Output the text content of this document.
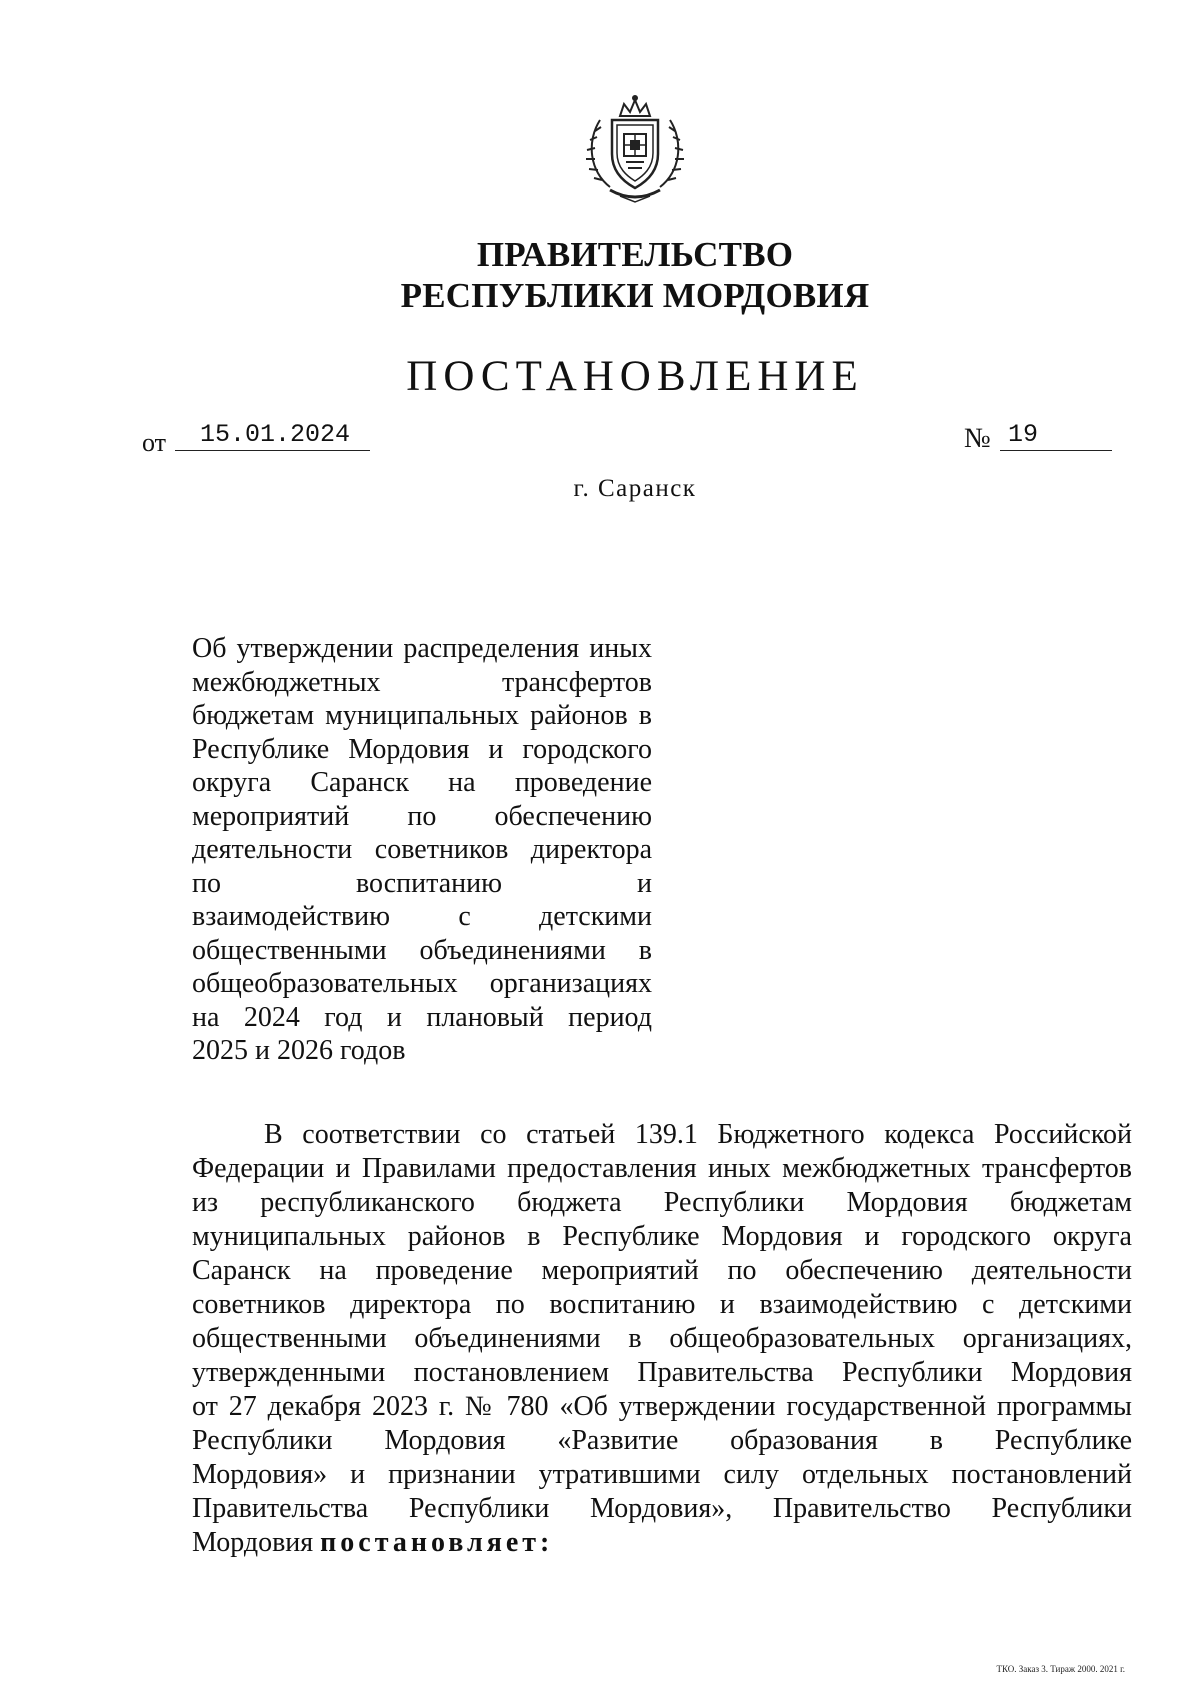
ПРАВИТЕЛЬСТВО
РЕСПУБЛИКИ МОРДОВИЯ
ПОСТАНОВЛЕНИЕ
от	15.01.2024	№ 19
г. Саранск
Об утверждении распределения иных
межбюджетных трансфертов
бюджетам муниципальных районов в
Республике Мордовия и городского
округа Саранск на проведение
мероприятий по обеспечению
деятельности советников директора
по воспитанию и
взаимодействию с детскими
общественными объединениями в
общеобразовательных организациях
на 2024 год и плановый период
2025 и 2026 годов
В соответствии со статьей 139.1 Бюджетного кодекса Российской
Федерации и Правилами предоставления иных межбюджетных трансфертов
из республиканского бюджета Республики Мордовия бюджетам
муниципальных районов в Республике Мордовия и городского округа
Саранск на проведение мероприятий по обеспечению деятельности
советников директора по воспитанию и взаимодействию с детскими
общественными объединениями в общеобразовательных организациях,
утвержденными постановлением Правительства Республики Мордовия
от 27 декабря 2023 г. № 780 «Об утверждении государственной программы
Республики Мордовия «Развитие образования в Республике
Мордовия» и признании утратившими силу отдельных постановлений
Правительства Республики Мордовия», Правительство Республики
Мордовия постановляет:
ТКО. Заказ 3. Тираж 2000. 2021 г.
